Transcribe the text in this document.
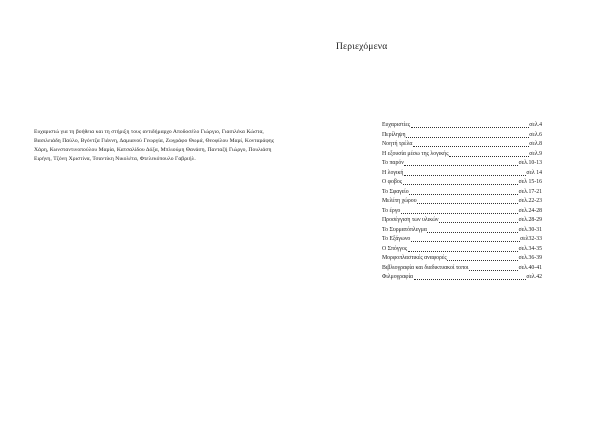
Ευχαριστώ για τη βοήθεια και τη στήριξη τους αντιδήμαρχο Αποδοσέλο Γιώργιο, Γιασιλέκα Κώστα, Βασιλειάδη Παύλο, Βγόντζα Γιάννη, Δαμιανού Γεωργία, Ζωγράφο Θωμά, Θεοφίλου Μαρί, Κονταράφης Χάρη, Κωνσταντινοπούλου Μαρία, Κατσαλίδου Δόξα, Μπλιούμη Θανάση, Πανταζή Γιώργο, Πουλιάση Ειρήνη, Τζόνη Χριστίνα, Τσαντίκη Νικολέτα, Φτελεκόπουλο Γαβριήλ.

Περιεχόμενα
Ευχαριστίες	σελ.4
Περίληψη	σελ.6
Νοητή τρέλα	σελ.8
Η εξουσία μέσω της λογικής	σελ.9
Το παρόν	σελ.10-13
Η λογική	σελ 14
Ο φοβος	σελ 15-16
Το Σφαγείο	σελ.17-21
Μελέτη χώρου	σελ.22-23
Το έργο	σελ.24-28
Προσέγγιση των υλικών	σελ.28-29
Το Συρματόπλεγμα	σελ.30-31
Το Εξάγωνο	σελ32-33
Ο Σπόγγος	σελ.34-35
Μορφοπλαστικές αναφορές	σελ.36-39
Βιβλιογραφία και διαδικτυακοί τοποι	σελ.40-41
Φιλμογραφία	σελ.42
